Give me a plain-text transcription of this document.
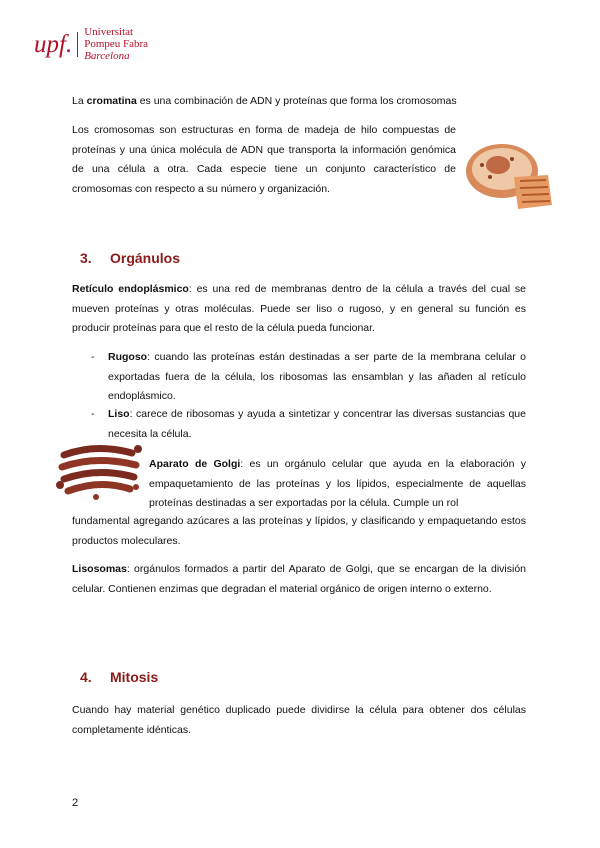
upf.	Universitat
Pompeu Fabra
Barcelona
La cromatina es una combinación de ADN y proteínas que forma los cromosomas
Los cromosomas son estructuras en forma de madeja de hilo compuestas de proteínas y una única molécula de ADN que transporta la información genómica de una célula a otra. Cada especie tiene un conjunto característico de cromosomas con respecto a su número y organización.
3. Orgánulos
Retículo endoplásmico: es una red de membranas dentro de la célula a través del cual se mueven proteínas y otras moléculas. Puede ser liso o rugoso, y en general su función es producir proteínas para que el resto de la célula pueda funcionar.
- Rugoso: cuando las proteínas están destinadas a ser parte de la membrana celular o exportadas fuera de la célula, los ribosomas las ensamblan y las añaden al retículo endoplásmico.
- Liso: carece de ribosomas y ayuda a sintetizar y concentrar las diversas sustancias que necesita la célula.
Aparato de Golgi: es un orgánulo celular que ayuda en la elaboración y empaquetamiento de las proteínas y los lípidos, especialmente de aquellas proteínas destinadas a ser exportadas por la célula. Cumple un rol
fundamental agregando azúcares a las proteínas y lípidos, y clasificando y empaquetando estos productos moleculares.
Lisosomas: orgánulos formados a partir del Aparato de Golgi, que se encargan de la división celular. Contienen enzimas que degradan el material orgánico de origen interno o externo.
4. Mitosis
Cuando hay material genético duplicado puede dividirse la célula para obtener dos células completamente idénticas.
2
